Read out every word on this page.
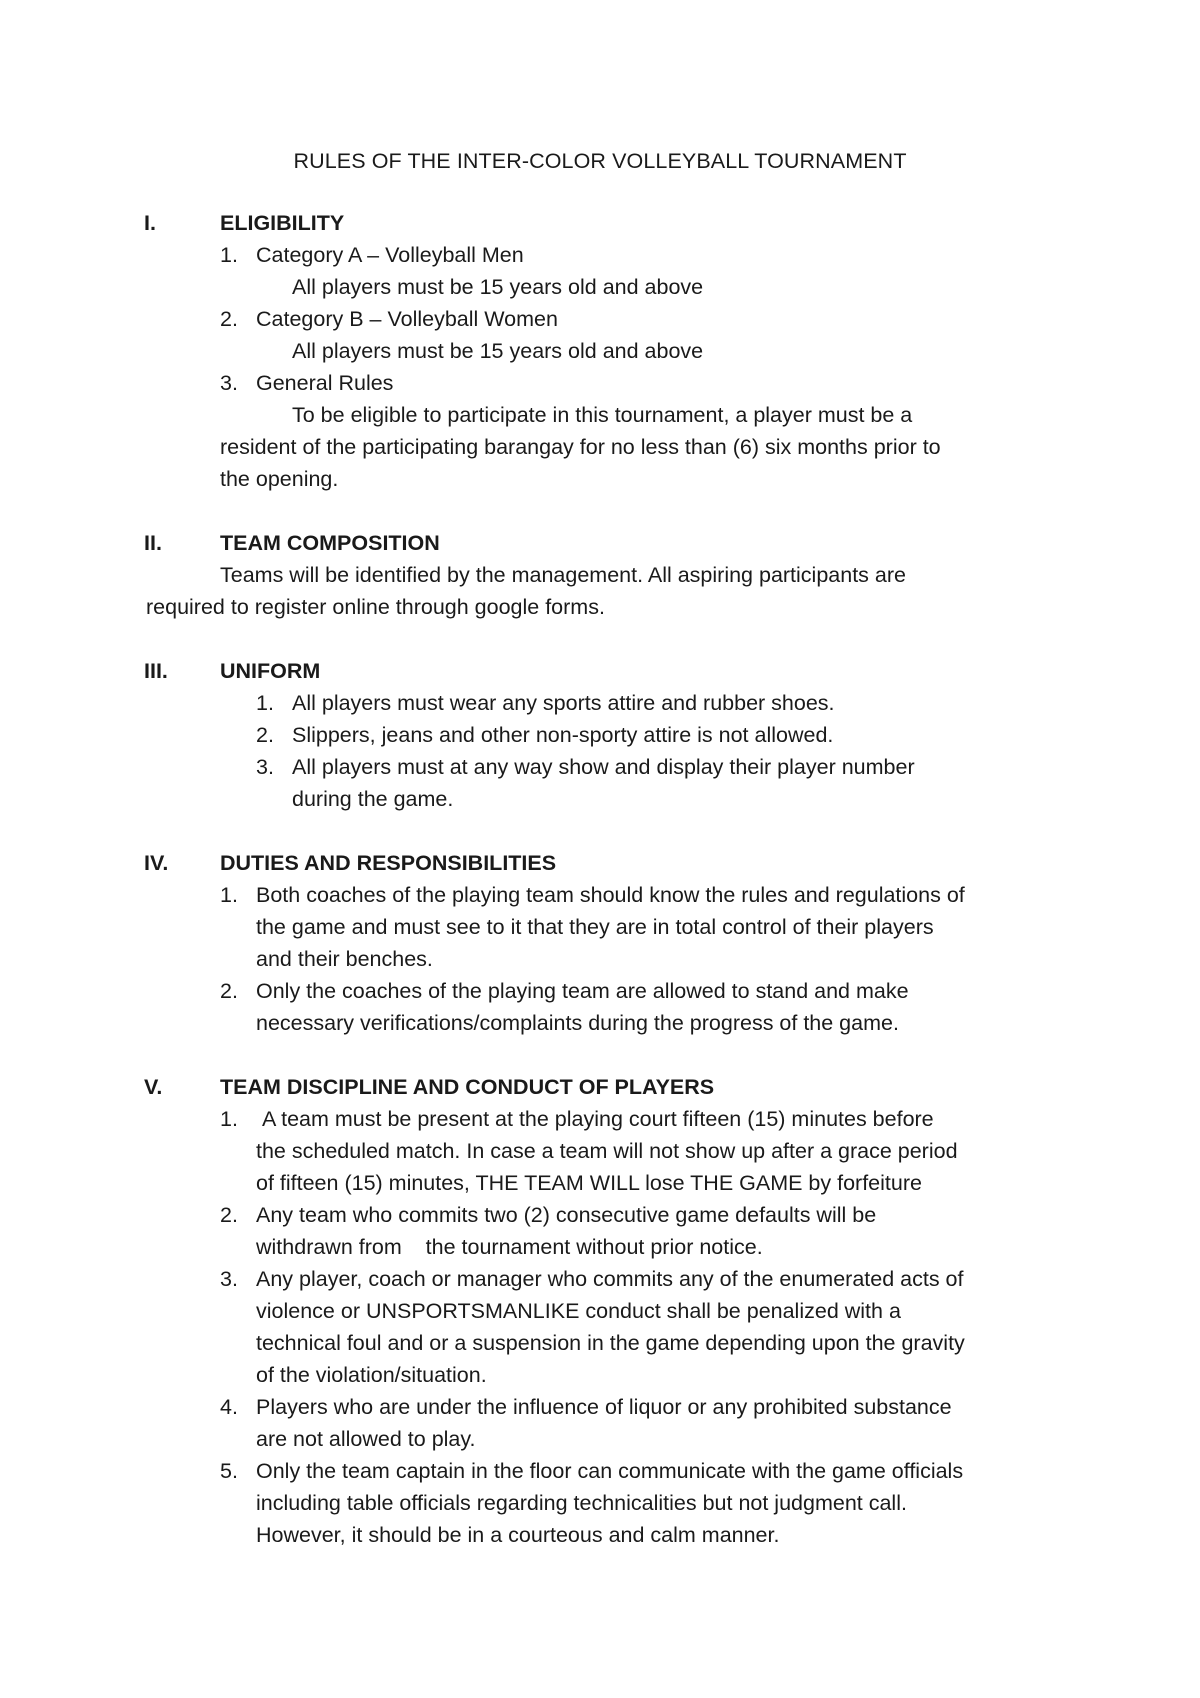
RULES OF THE INTER-COLOR VOLLEYBALL TOURNAMENT
I.	ELIGIBILITY
1. Category A – Volleyball Men
All players must be 15 years old and above
2. Category B – Volleyball Women
All players must be 15 years old and above
3. General Rules
To be eligible to participate in this tournament, a player must be a
resident of the participating barangay for no less than (6) six months prior to
the opening.
II.	TEAM COMPOSITION
Teams will be identified by the management. All aspiring participants are
required to register online through google forms.
III. UNIFORM
1. All players must wear any sports attire and rubber shoes.
2. Slippers, jeans and other non-sporty attire is not allowed.
3. All players must at any way show and display their player number
during the game.
IV. DUTIES AND RESPONSIBILITIES
1. Both coaches of the playing team should know the rules and regulations of
the game and must see to it that they are in total control of their players
and their benches.
2. Only the coaches of the playing team are allowed to stand and make
necessary verifications/complaints during the progress of the game.
V.	TEAM DISCIPLINE AND CONDUCT OF PLAYERS
1. A team must be present at the playing court fifteen (15) minutes before
the scheduled match. In case a team will not show up after a grace period
of fifteen (15) minutes, THE TEAM WILL lose THE GAME by forfeiture
2. Any team who commits two (2) consecutive game defaults will be
withdrawn from    the tournament without prior notice.
3. Any player, coach or manager who commits any of the enumerated acts of
violence or UNSPORTSMANLIKE conduct shall be penalized with a
technical foul and or a suspension in the game depending upon the gravity
of the violation/situation.
4. Players who are under the influence of liquor or any prohibited substance
are not allowed to play.
5. Only the team captain in the floor can communicate with the game officials
including table officials regarding technicalities but not judgment call.
However, it should be in a courteous and calm manner.
